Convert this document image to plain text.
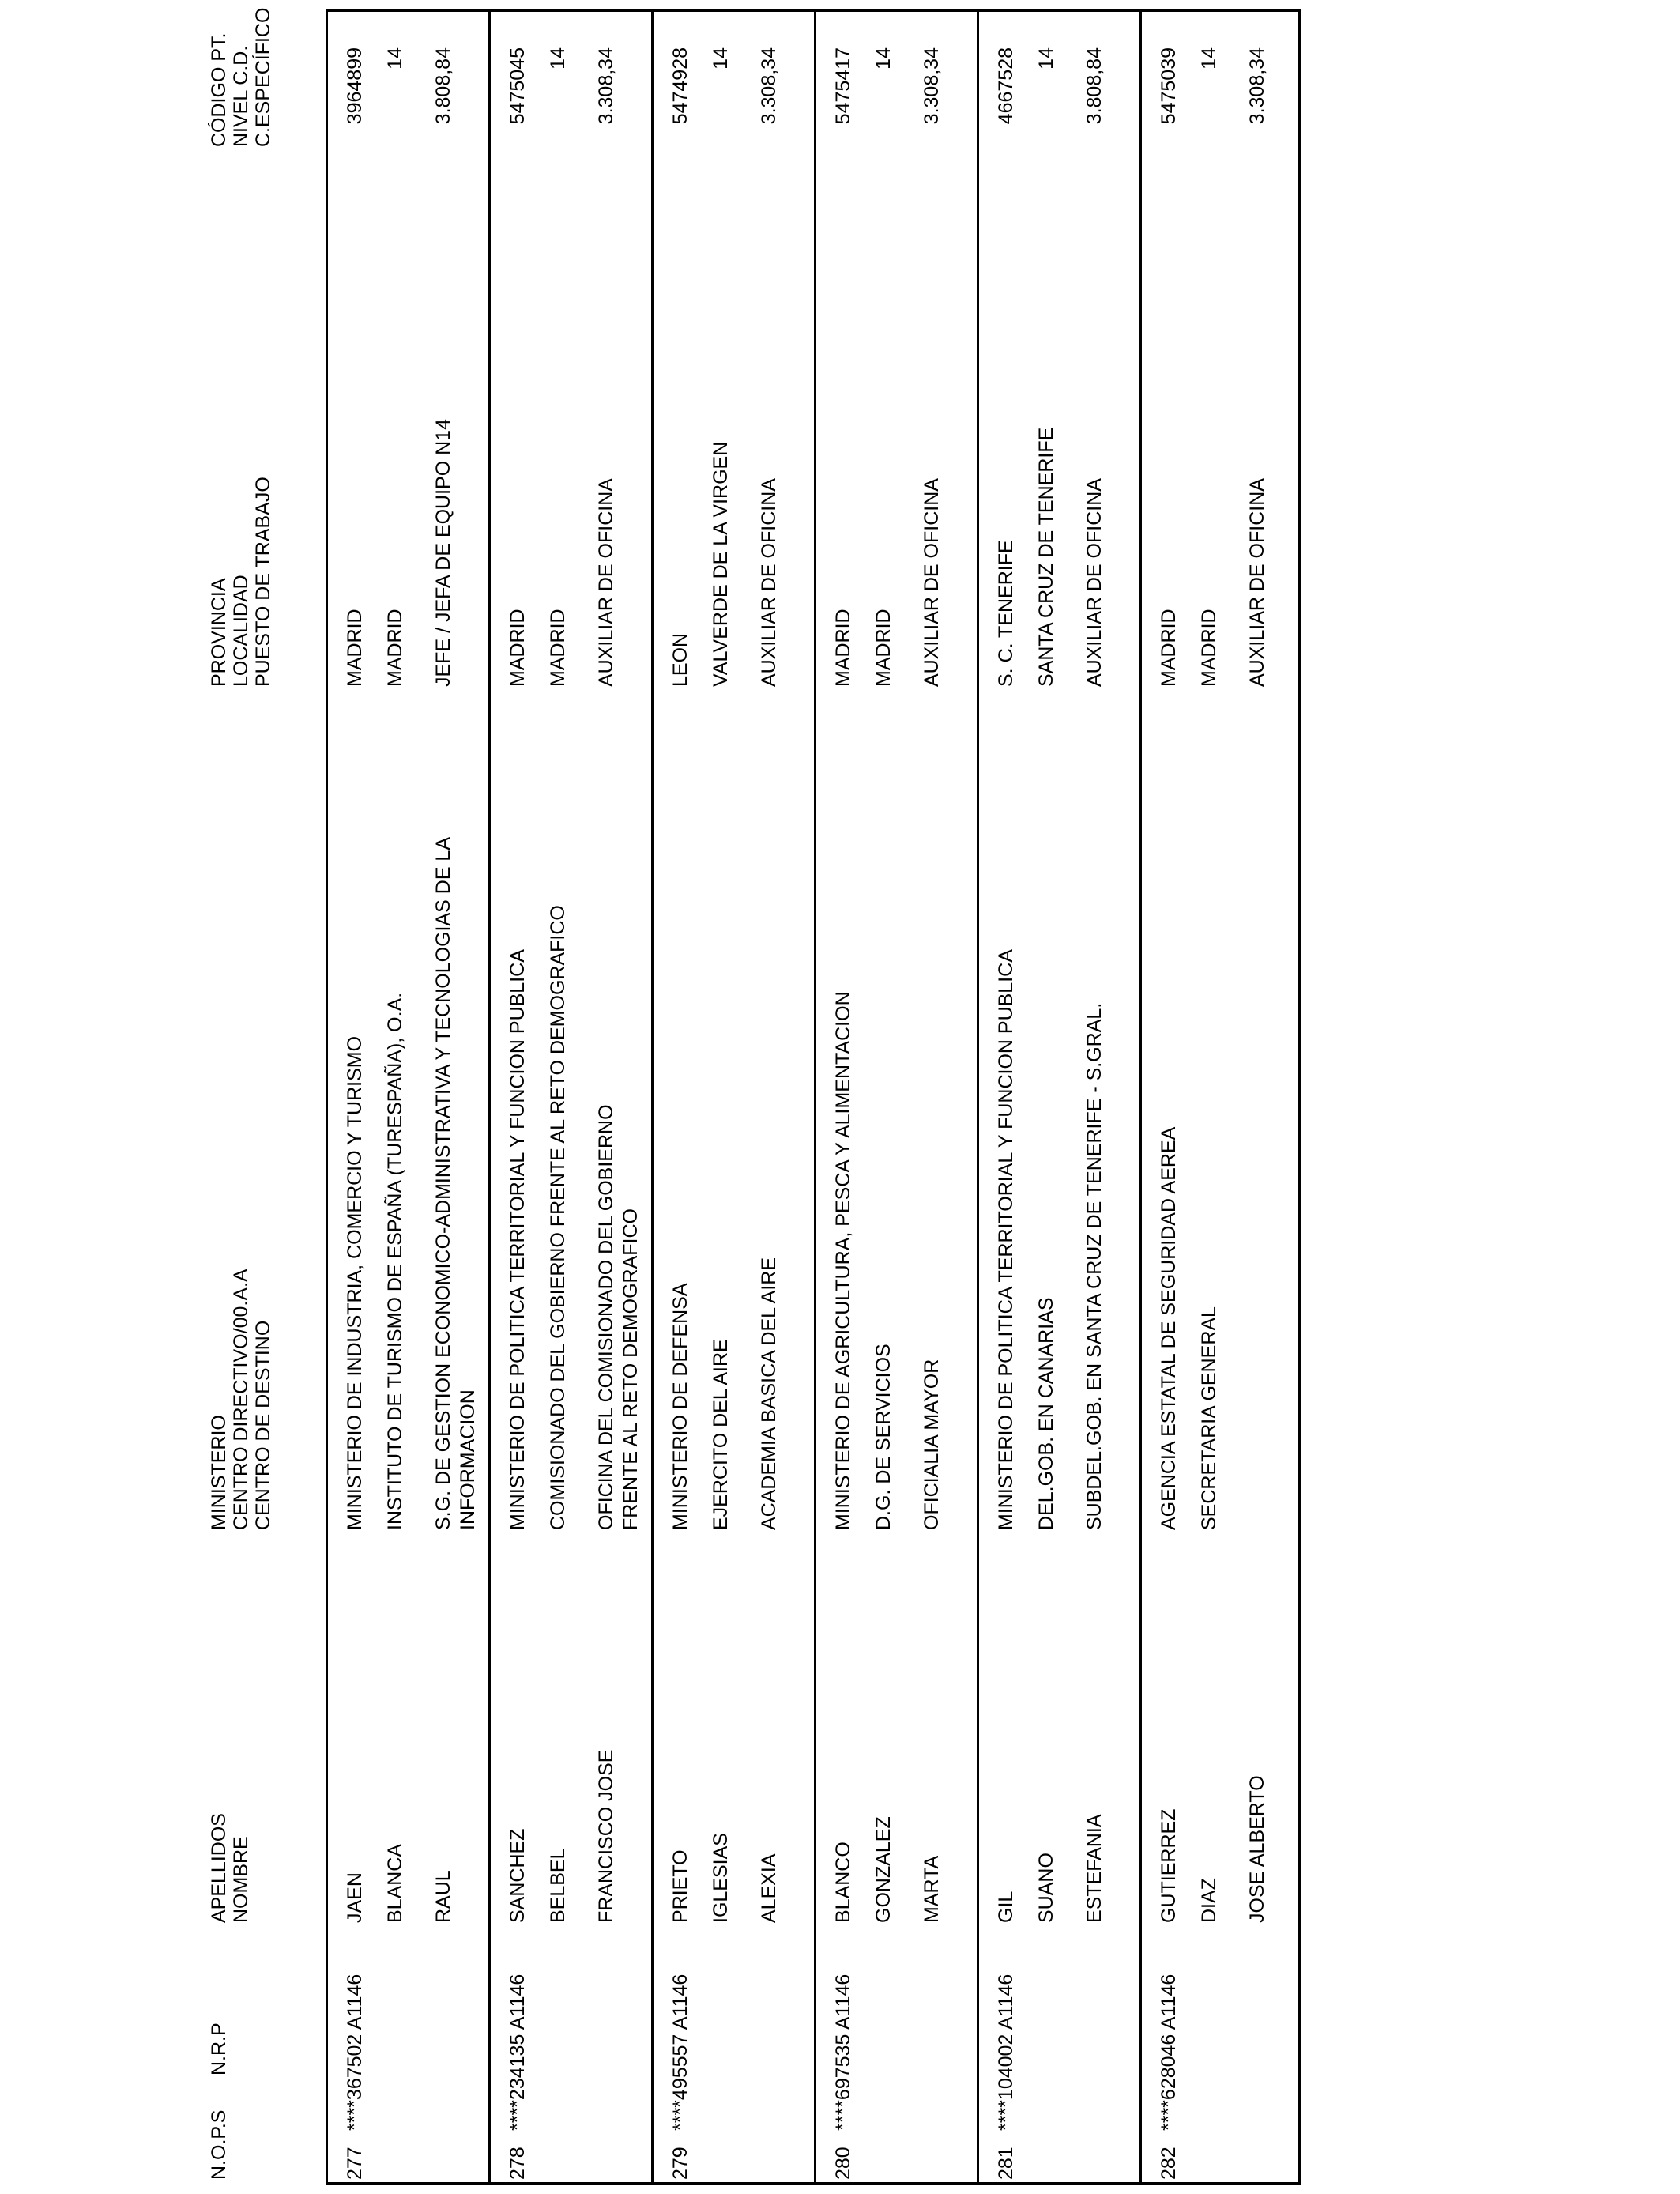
N.O.P.S
N.R.P
APELLIDOS NOMBRE
MINISTERIO CENTRO DIRECTIVO/00.A.A CENTRO DE DESTINO
PROVINCIA LOCALIDAD PUESTO DE TRABAJO
CÓDIGO PT. NIVEL C.D. C.ESPECÍFICO
277
****367502 A1146
JAEN BLANCA RAUL
MINISTERIO DE INDUSTRIA, COMERCIO Y TURISMO INSTITUTO DE TURISMO DE ESPAÑA (TURESPAÑA), O.A. S.G. DE GESTION ECONOMICO-ADMINISTRATIVA Y TECNOLOGIAS DE LA INFORMACION
MADRID MADRID JEFE / JEFA DE EQUIPO N14
3964899 14 3.808,84
278
****234135 A1146
SANCHEZ BELBEL FRANCISCO JOSE
MINISTERIO DE POLITICA TERRITORIAL Y FUNCION PUBLICA COMISIONADO DEL GOBIERNO FRENTE AL RETO DEMOGRAFICO OFICINA DEL COMISIONADO DEL GOBIERNO FRENTE AL RETO DEMOGRAFICO
MADRID MADRID AUXILIAR DE OFICINA
5475045 14 3.308,34
279
****495557 A1146
PRIETO IGLESIAS ALEXIA
MINISTERIO DE DEFENSA EJERCITO DEL AIRE ACADEMIA BASICA DEL AIRE
LEON VALVERDE DE LA VIRGEN AUXILIAR DE OFICINA
5474928 14 3.308,34
280
****697535 A1146
BLANCO GONZALEZ MARTA
MINISTERIO DE AGRICULTURA, PESCA Y ALIMENTACION D.G. DE SERVICIOS OFICIALIA MAYOR
MADRID MADRID AUXILIAR DE OFICINA
5475417 14 3.308,34
281
****104002 A1146
GIL SUANO ESTEFANIA
MINISTERIO DE POLITICA TERRITORIAL Y FUNCION PUBLICA DEL.GOB. EN CANARIAS SUBDEL.GOB. EN SANTA CRUZ DE TENERIFE - S.GRAL.
S. C. TENERIFE SANTA CRUZ DE TENERIFE AUXILIAR DE OFICINA
4667528 14 3.808,84
282
****628046 A1146
GUTIERREZ DIAZ JOSE ALBERTO
AGENCIA ESTATAL DE SEGURIDAD AEREA SECRETARIA GENERAL
MADRID MADRID AUXILIAR DE OFICINA
5475039 14 3.308,34
